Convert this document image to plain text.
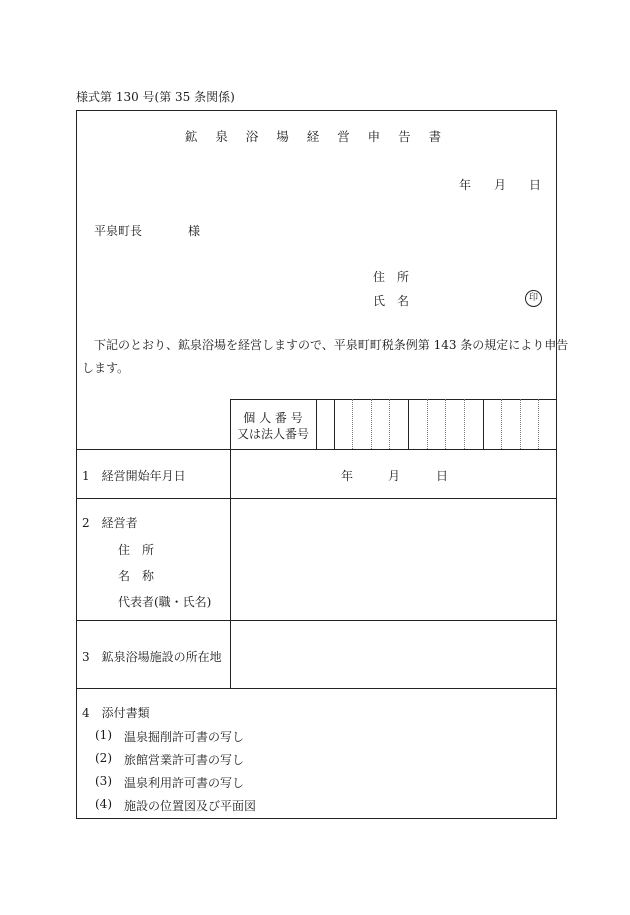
様式第 130 号(第 35 条関係)
鉱 泉 浴 場 経 営 申 告 書
年 月 日
平泉町長	様
住　所
氏　名	印
下記のとおり、鉱泉浴場を経営しますので、平泉町町税条例第 143 条の規定により申告
します。
個 人 番 号
又は法人番号
1　経営開始年月日	年	月	日
2　経営者
住　所
名　称
代表者(職・氏名)
3　鉱泉浴場施設の所在地
4　添付書類
(1) 温泉掘削許可書の写し
(2) 旅館営業許可書の写し
(3) 温泉利用許可書の写し
(4) 施設の位置図及び平面図
